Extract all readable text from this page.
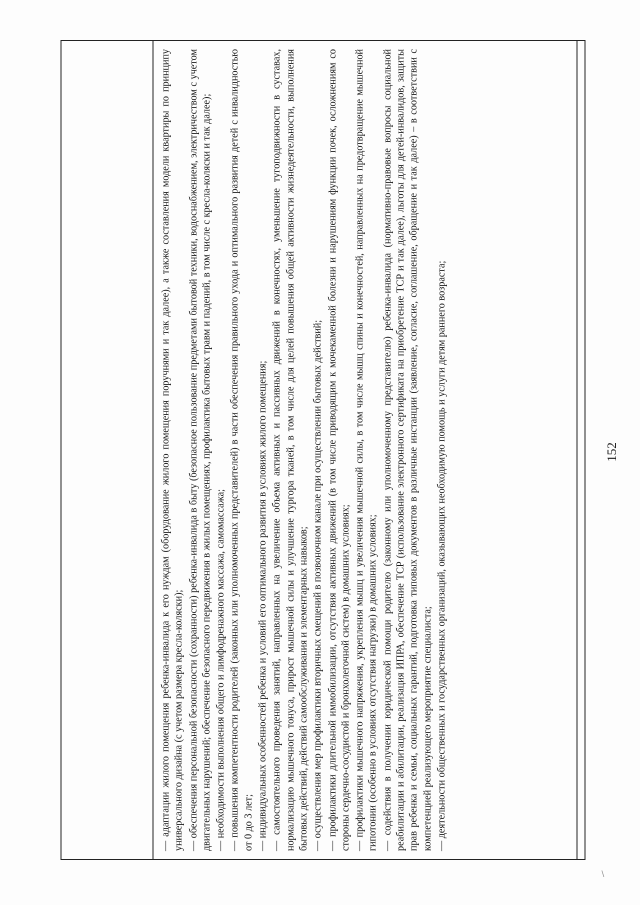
152

— адаптации жилого помещения ребенка-инвалида к его нуждам (оборудование жилого помещения поручнями и так далее), а также составления модели квартиры по принципу универсального дизайна (с учетом размера кресла-коляски); — обеспечения персональной безопасности (сохранности) ребенка-инвалида в быту (безопасное пользование предметами бытовой техники, водоснабжением, электричеством с учетом двигательных нарушений; обеспечение безопасного передвижения в жилых помещениях, профилактика бытовых травм и падений, в том числе с кресла-коляски и так далее); — необходимости выполнения общего и лимфодренажного массажа, самомассажа; — повышения компетентности родителей (законных или уполномоченных представителей) в части обеспечения правильного ухода и оптимального развития детей с инвалидностью от 0 до 3 лет; — индивидуальных особенностей ребенка и условий его оптимального развития в условиях жилого помещения; — самостоятельного проведения занятий, направленных на увеличение объема активных и пассивных движений в конечностях, уменьшение тугоподвижности в суставах, нормализацию мышечного тонуса, прирост мышечной силы и улучшение тургора тканей, в том числе для целей повышения общей активности жизнедеятельности, выполнения бытовых действий, действий самообслуживания и элементарных навыков; — осуществления мер профилактики вторичных смещений в позвоночном канале при осуществлении бытовых действий; — профилактики длительной иммобилизации, отсутствия активных движений (в том числе приводящим к мочекаменной болезни и нарушениям функции почек, осложнениям со стороны сердечно-сосудистой и бронхолегочной систем) в домашних условиях; — профилактики мышечного напряжения, укрепления мышц и увеличения мышечной силы, в том числе мышц спины и конечностей, направленных на предотвращение мышечной гипотонии (особенно в условиях отсутствия нагрузки) в домашних условиях; — содействия в получении юридической помощи родителю (законному или уполномоченному представителю) ребенка-инвалида (нормативно-правовые вопросы социальной реабилитации и абилитации, реализация ИПРА, обеспечение ТСР (использование электронного сертификата на приобретение ТСР и так далее), льготы для детей-инвалидов, защиты прав ребенка и семьи, социальных гарантий, подготовка типовых документов в различные инстанции (заявление, согласие, соглашение, обращение и так далее) – в соответствии с компетенцией реализующего мероприятие специалиста; — деятельности общественных и государственных организаций, оказывающих необходимую помощь и услуги детям раннего возраста;

∖
